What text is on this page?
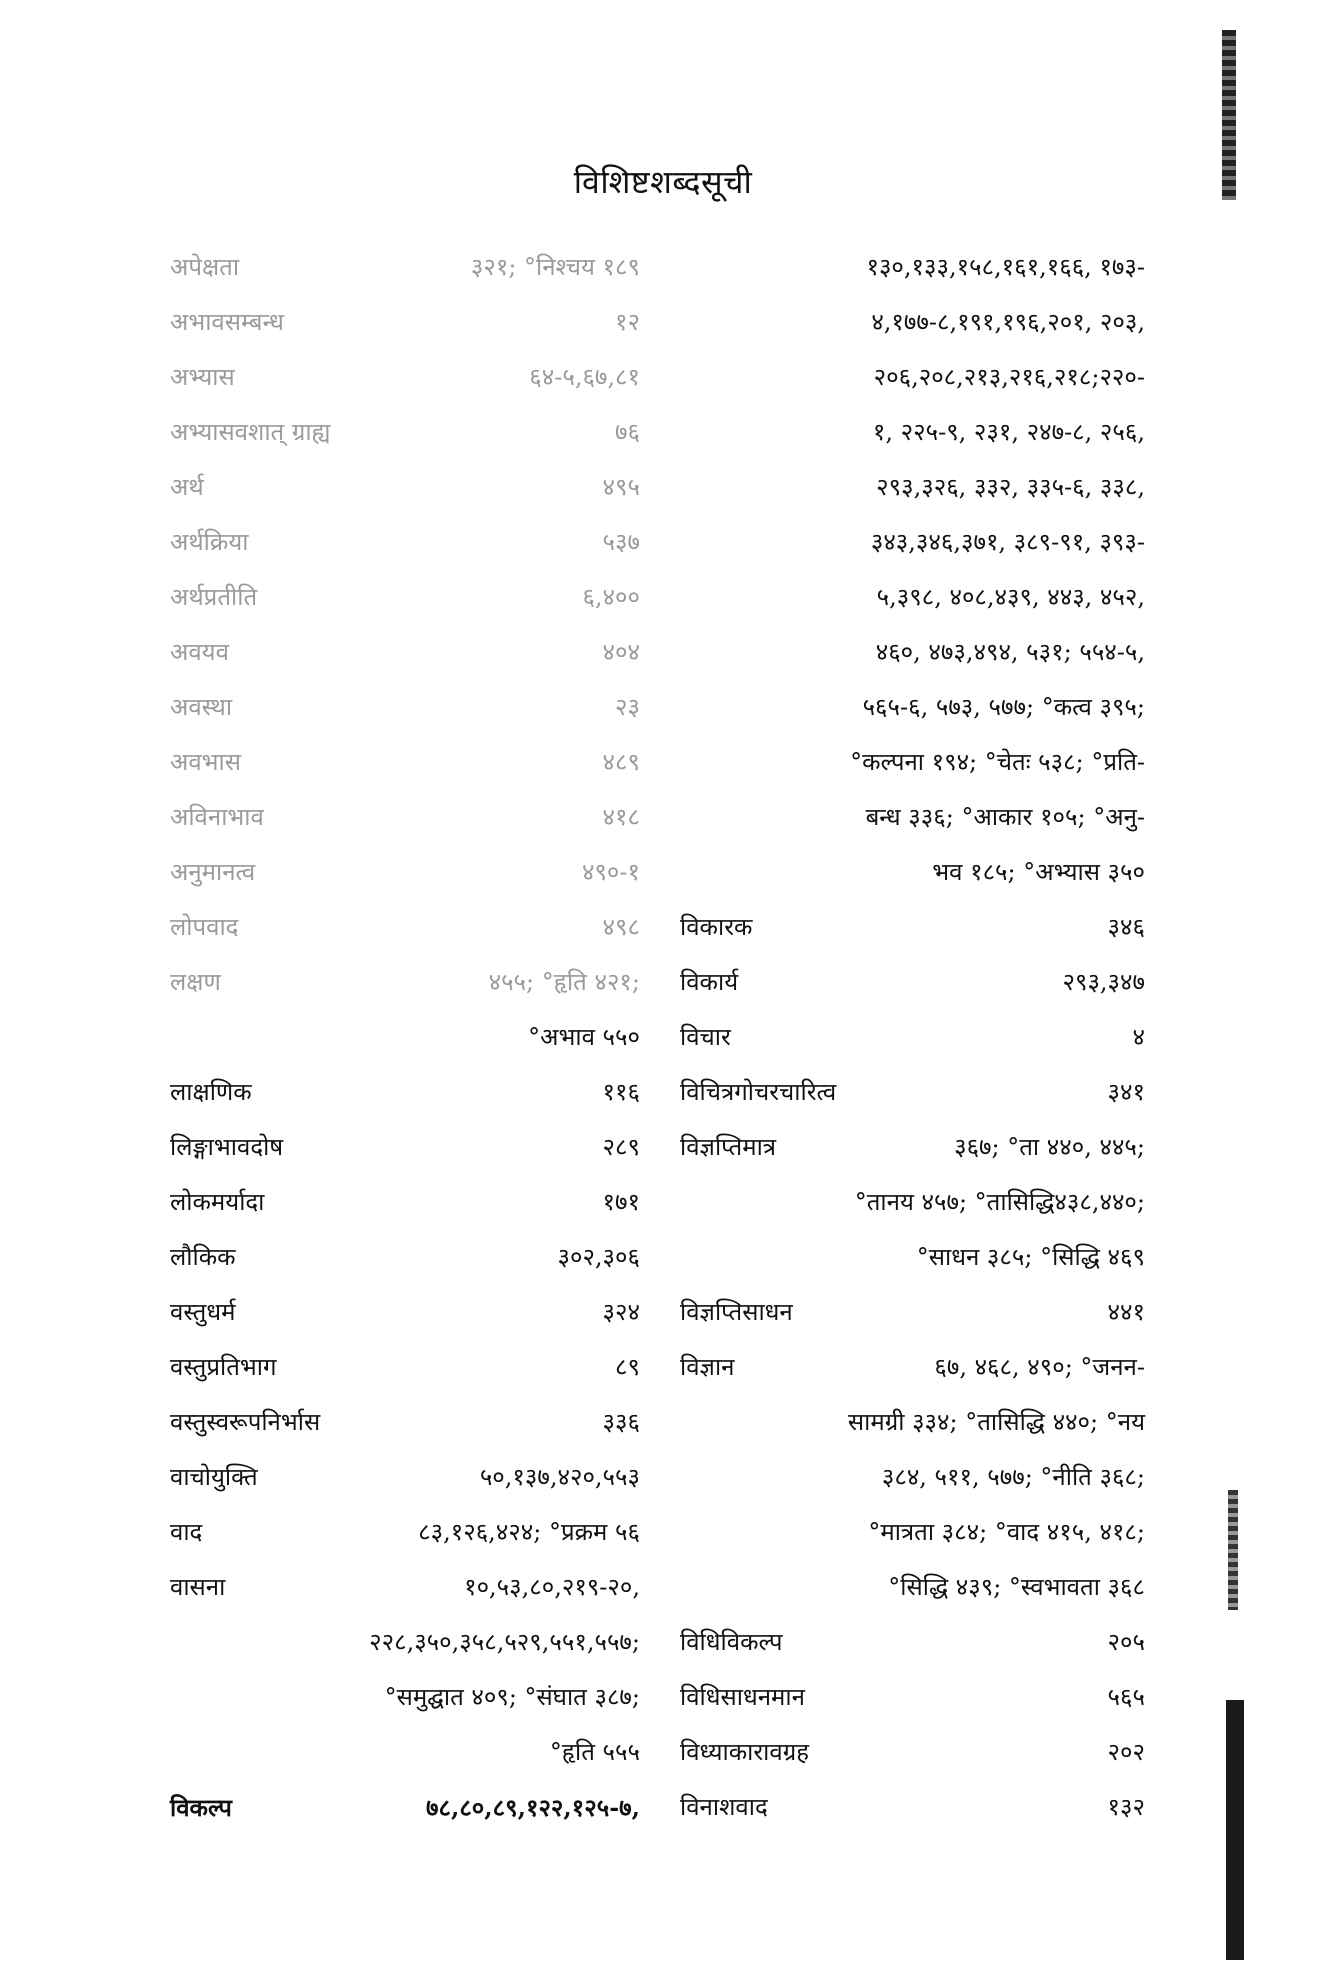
विशिष्टशब्दसूची
अपेक्षता	३२१; °निश्चय १८९
अभावसम्बन्ध	१२
अभ्यास	६४-५,६७,८१
अभ्यासवशात् ग्राह्य	७६
अर्थ	४९५
अर्थक्रिया	५३७
अर्थप्रतीति	६,४००
अवयव	४०४
अवस्था	२३
अवभास	४८९
अविनाभाव	४१८
अनुमानत्व	४९०-१
लोपवाद	४९८
लक्षण	४५५; °हृति ४२१;
°अभाव ५५०
लाक्षणिक	११६
लिङ्गाभावदोष	२८९
लोकमर्यादा	१७१
लौकिक	३०२,३०६
वस्तुधर्म	३२४
वस्तुप्रतिभाग	८९
वस्तुस्वरूपनिर्भास	३३६
वाचोयुक्ति	५०,१३७,४२०,५५३
वाद	८३,१२६,४२४; °प्रक्रम ५६
वासना	१०,५३,८०,२१९-२०,
२२८,३५०,३५८,५२९,५५१,५५७;
°समुद्घात ४०९; °संघात ३८७;
°हृति ५५५
विकल्प	७८,८०,८९,१२२,१२५-७,
१३०,१३३,१५८,१६१,१६६, १७३-
४,१७७-८,१९१,१९६,२०१, २०३,
२०६,२०८,२१३,२१६,२१८;२२०-
१, २२५-९, २३१, २४७-८, २५६,
२९३,३२६, ३३२, ३३५-६, ३३८,
३४३,३४६,३७१, ३८९-९१, ३९३-
५,३९८, ४०८,४३९, ४४३, ४५२,
४६०, ४७३,४९४, ५३१; ५५४-५,
५६५-६, ५७३, ५७७; °कत्व ३९५;
°कल्पना १९४; °चेतः ५३८; °प्रति-
बन्ध ३३६; °आकार १०५; °अनु-
भव १८५; °अभ्यास ३५०
विकारक	३४६
विकार्य	२९३,३४७
विचार	४
विचित्रगोचरचारित्व	३४१
विज्ञप्तिमात्र	३६७; °ता ४४०, ४४५;
°तानय ४५७; °तासिद्धि४३८,४४०;
°साधन ३८५; °सिद्धि ४६९
विज्ञप्तिसाधन	४४१
विज्ञान	६७, ४६८, ४९०; °जनन-
सामग्री ३३४; °तासिद्धि ४४०; °नय
३८४, ५११, ५७७; °नीति ३६८;
°मात्रता ३८४; °वाद ४१५, ४१८;
°सिद्धि ४३९; °स्वभावता ३६८
विधिविकल्प	२०५
विधिसाधनमान	५६५
विध्याकारावग्रह	२०२
विनाशवाद	१३२
